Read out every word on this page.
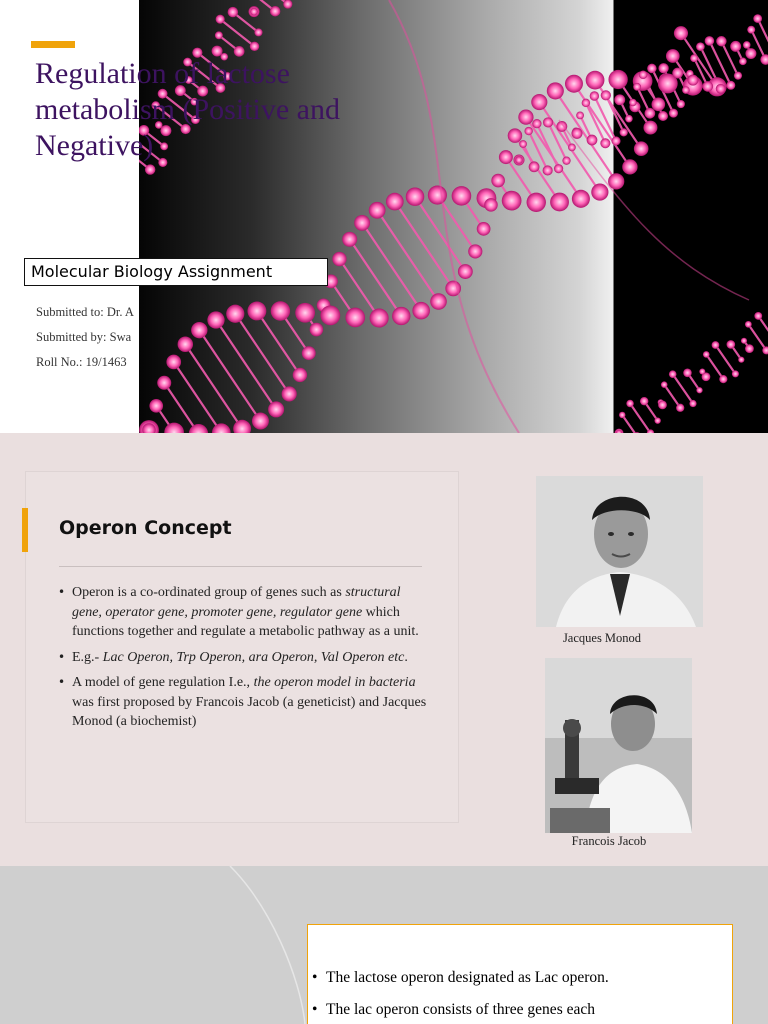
Regulation of lactose metabolism (Positive and Negative)
Molecular Biology Assignment
Submitted to: Dr. A
Submitted by: Swa
Roll No.: 19/1463
Operon Concept
• Operon is a co-ordinated group of genes such as structural gene, operator gene, promoter gene, regulator gene which functions together and regulate a metabolic pathway as a unit.
• E.g.- Lac Operon, Trp Operon, ara Operon, Val Operon etc.
• A model of gene regulation I.e., the operon model in bacteria was first proposed by Francois Jacob (a geneticist) and Jacques Monod (a biochemist)
Jacques Monod
Francois Jacob
• The lactose operon designated as Lac operon.
• The lac operon consists of three genes each
